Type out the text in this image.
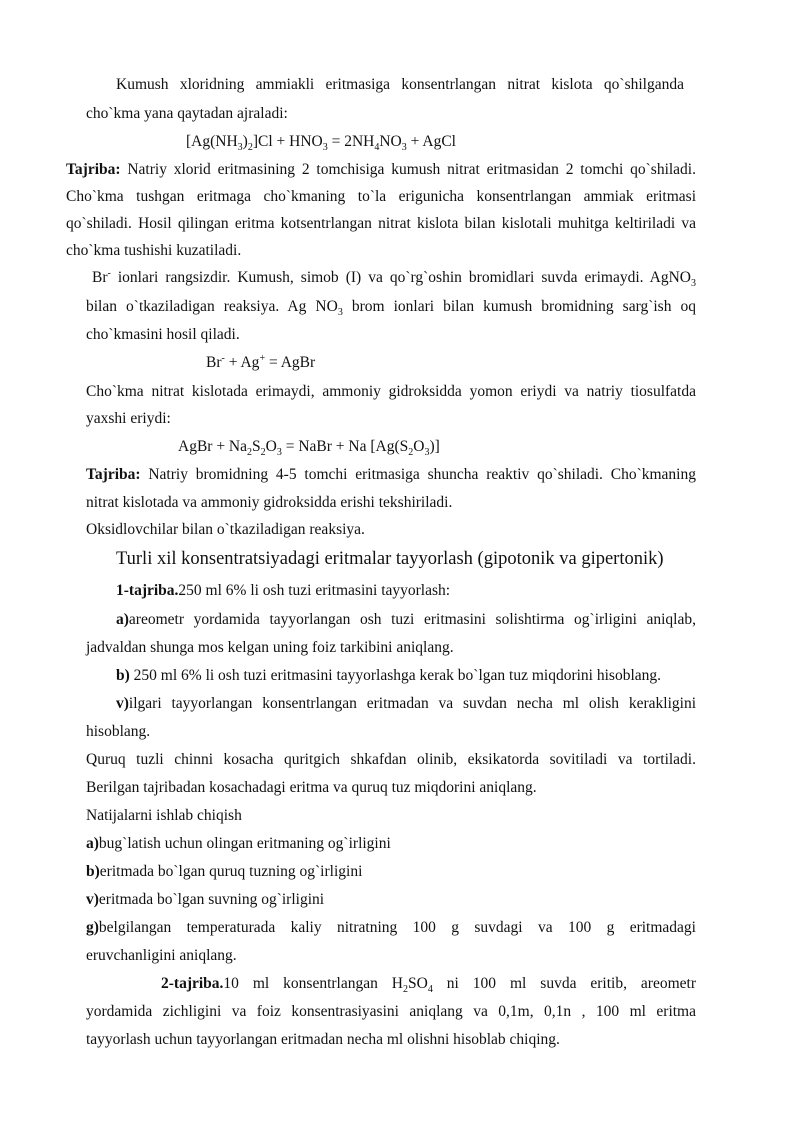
Kumush xloridning ammiakli eritmasiga konsentrlangan nitrat kislota qo`shilganda
cho`kma yana qaytadan ajraladi:
$[Ag(NH_3)_2]Cl + HNO_3 = 2NH_4NO_3$ + AgCl
Tajriba: Natriy xlorid eritmasining 2 tomchisiga kumush nitrat eritmasidan 2 tomchi qo`shiladi.
Cho`kma tushgan eritmaga cho`kmaning to`la erigunicha konsentrlangan ammiak eritmasi
qo`shiladi. Hosil qilingan eritma kotsentrlangan nitrat kislota bilan kislotali muhitga keltiriladi va
cho`kma tushishi kuzatiladi.
Br- ionlari rangsizdir. Kumush, simob (I) va qo`rg`oshin bromidlari suvda erimaydi. AgNO$_3$
bilan o`tkaziladigan reaksiya. Ag $NO_3$ brom ionlari bilan kumush bromidning sarg`ish oq
cho`kmasini hosil qiladi.
Br- + Ag+ = AgBr
Cho`kma nitrat kislotada erimaydi, ammoniy gidroksidda yomon eriydi va natriy tiosulfatda
yaxshi eriydi:
AgBr + $Na_2S_2O_3$ = NaBr + Na $[Ag(S_2O_3)]$
Tajriba: Natriy bromidning 4-5 tomchi eritmasiga shuncha reaktiv qo`shiladi. Cho`kmaning
nitrat kislotada va ammoniy gidroksidda erishi tekshiriladi.
Oksidlovchilar bilan o`tkaziladigan reaksiya.
Turli xil konsentratsiyadagi eritmalar tayyorlash (gipotonik va gipertonik)
1-tajriba.250 ml 6% li osh tuzi eritmasini tayyorlash:
a)areometr yordamida tayyorlangan osh tuzi eritmasini solishtirma og`irligini aniqlab,
jadvaldan shunga mos kelgan uning foiz tarkibini aniqlang.
b) 250 ml 6% li osh tuzi eritmasini tayyorlashga kerak bo`lgan tuz miqdorini hisoblang.
v)ilgari tayyorlangan konsentrlangan eritmadan va suvdan necha ml olish kerakligini
hisoblang.
Quruq tuzli chinni kosacha quritgich shkafdan olinib, eksikatorda sovitiladi va tortiladi.
Berilgan tajribadan kosachadagi eritma va quruq tuz miqdorini aniqlang.
Natijalarni ishlab chiqish
a)bug`latish uchun olingan eritmaning og`irligini
b)eritmada bo`lgan quruq tuzning og`irligini
v)eritmada bo`lgan suvning og`irligini
g)belgilangan temperaturada kaliy nitratning 100 g suvdagi va 100 g eritmadagi
eruvchanligini aniqlang.
2-tajriba.10 ml konsentrlangan $H_2SO_4$ ni 100 ml suvda eritib, areometr
yordamida zichligini va foiz konsentrasiyasini aniqlang va 0,1m, 0,1n , 100 ml eritma
tayyorlash uchun tayyorlangan eritmadan necha ml olishni hisoblab chiqing.
